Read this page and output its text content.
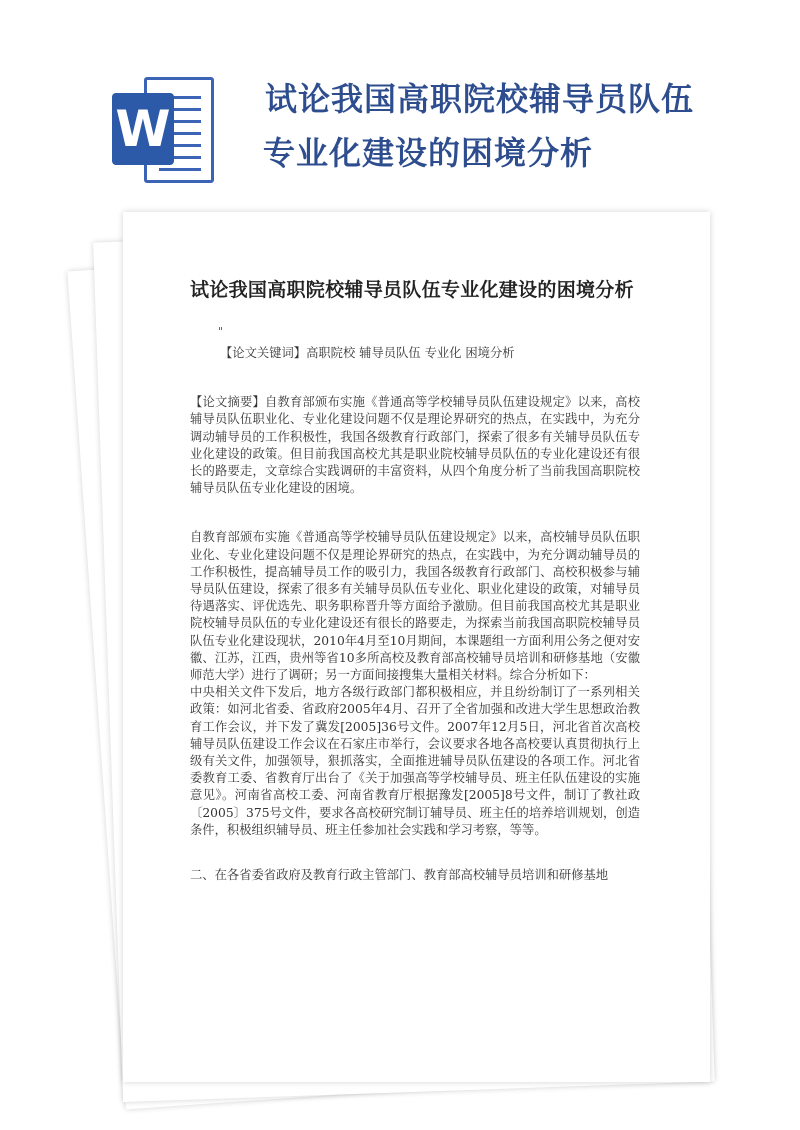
W
试论我国高职院校辅导员队伍
专业化建设的困境分析
试论我国高职院校辅导员队伍专业化建设的困境分析
"
【论文关键词】高职院校 辅导员队伍 专业化 困境分析
【论文摘要】自教育部颁布实施《普通高等学校辅导员队伍建设规定》以来，高校辅导员队伍职业化、专业化建设问题不仅是理论界研究的热点，在实践中，为充分调动辅导员的工作积极性，我国各级教育行政部门，探索了很多有关辅导员队伍专业化建设的政策。但目前我国高校尤其是职业院校辅导员队伍的专业化建设还有很长的路要走，文章综合实践调研的丰富资料，从四个角度分析了当前我国高职院校辅导员队伍专业化建设的困境。
自教育部颁布实施《普通高等学校辅导员队伍建设规定》以来，高校辅导员队伍职业化、专业化建设问题不仅是理论界研究的热点，在实践中，为充分调动辅导员的工作积极性，提高辅导员工作的吸引力，我国各级教育行政部门、高校积极参与辅导员队伍建设，探索了很多有关辅导员队伍专业化、职业化建设的政策，对辅导员待遇落实、评优选先、职务职称晋升等方面给予激励。但目前我国高校尤其是职业院校辅导员队伍的专业化建设还有很长的路要走，为探索当前我国高职院校辅导员队伍专业化建设现状，2010年4月至10月期间，本课题组一方面利用公务之便对安徽、江苏，江西，贵州等省10多所高校及教育部高校辅导员培训和研修基地（安徽师范大学）进行了调研；另一方面间接搜集大量相关材料。综合分析如下：
中央相关文件下发后，地方各级行政部门都积极相应，并且纷纷制订了一系列相关政策：如河北省委、省政府2005年4月、召开了全省加强和改进大学生思想政治教育工作会议，并下发了冀发[2005]36号文件。2007年12月5日，河北省首次高校辅导员队伍建设工作会议在石家庄市举行，会议要求各地各高校要认真贯彻执行上级有关文件，加强领导，狠抓落实，全面推进辅导员队伍建设的各项工作。河北省委教育工委、省教育厅出台了《关于加强高等学校辅导员、班主任队伍建设的实施意见》。河南省高校工委、河南省教育厅根据豫发[2005]8号文件，制订了教社政〔2005〕375号文件，要求各高校研究制订辅导员、班主任的培养培训规划，创造条件，积极组织辅导员、班主任参加社会实践和学习考察，等等。
二、在各省委省政府及教育行政主管部门、教育部高校辅导员培训和研修基地
